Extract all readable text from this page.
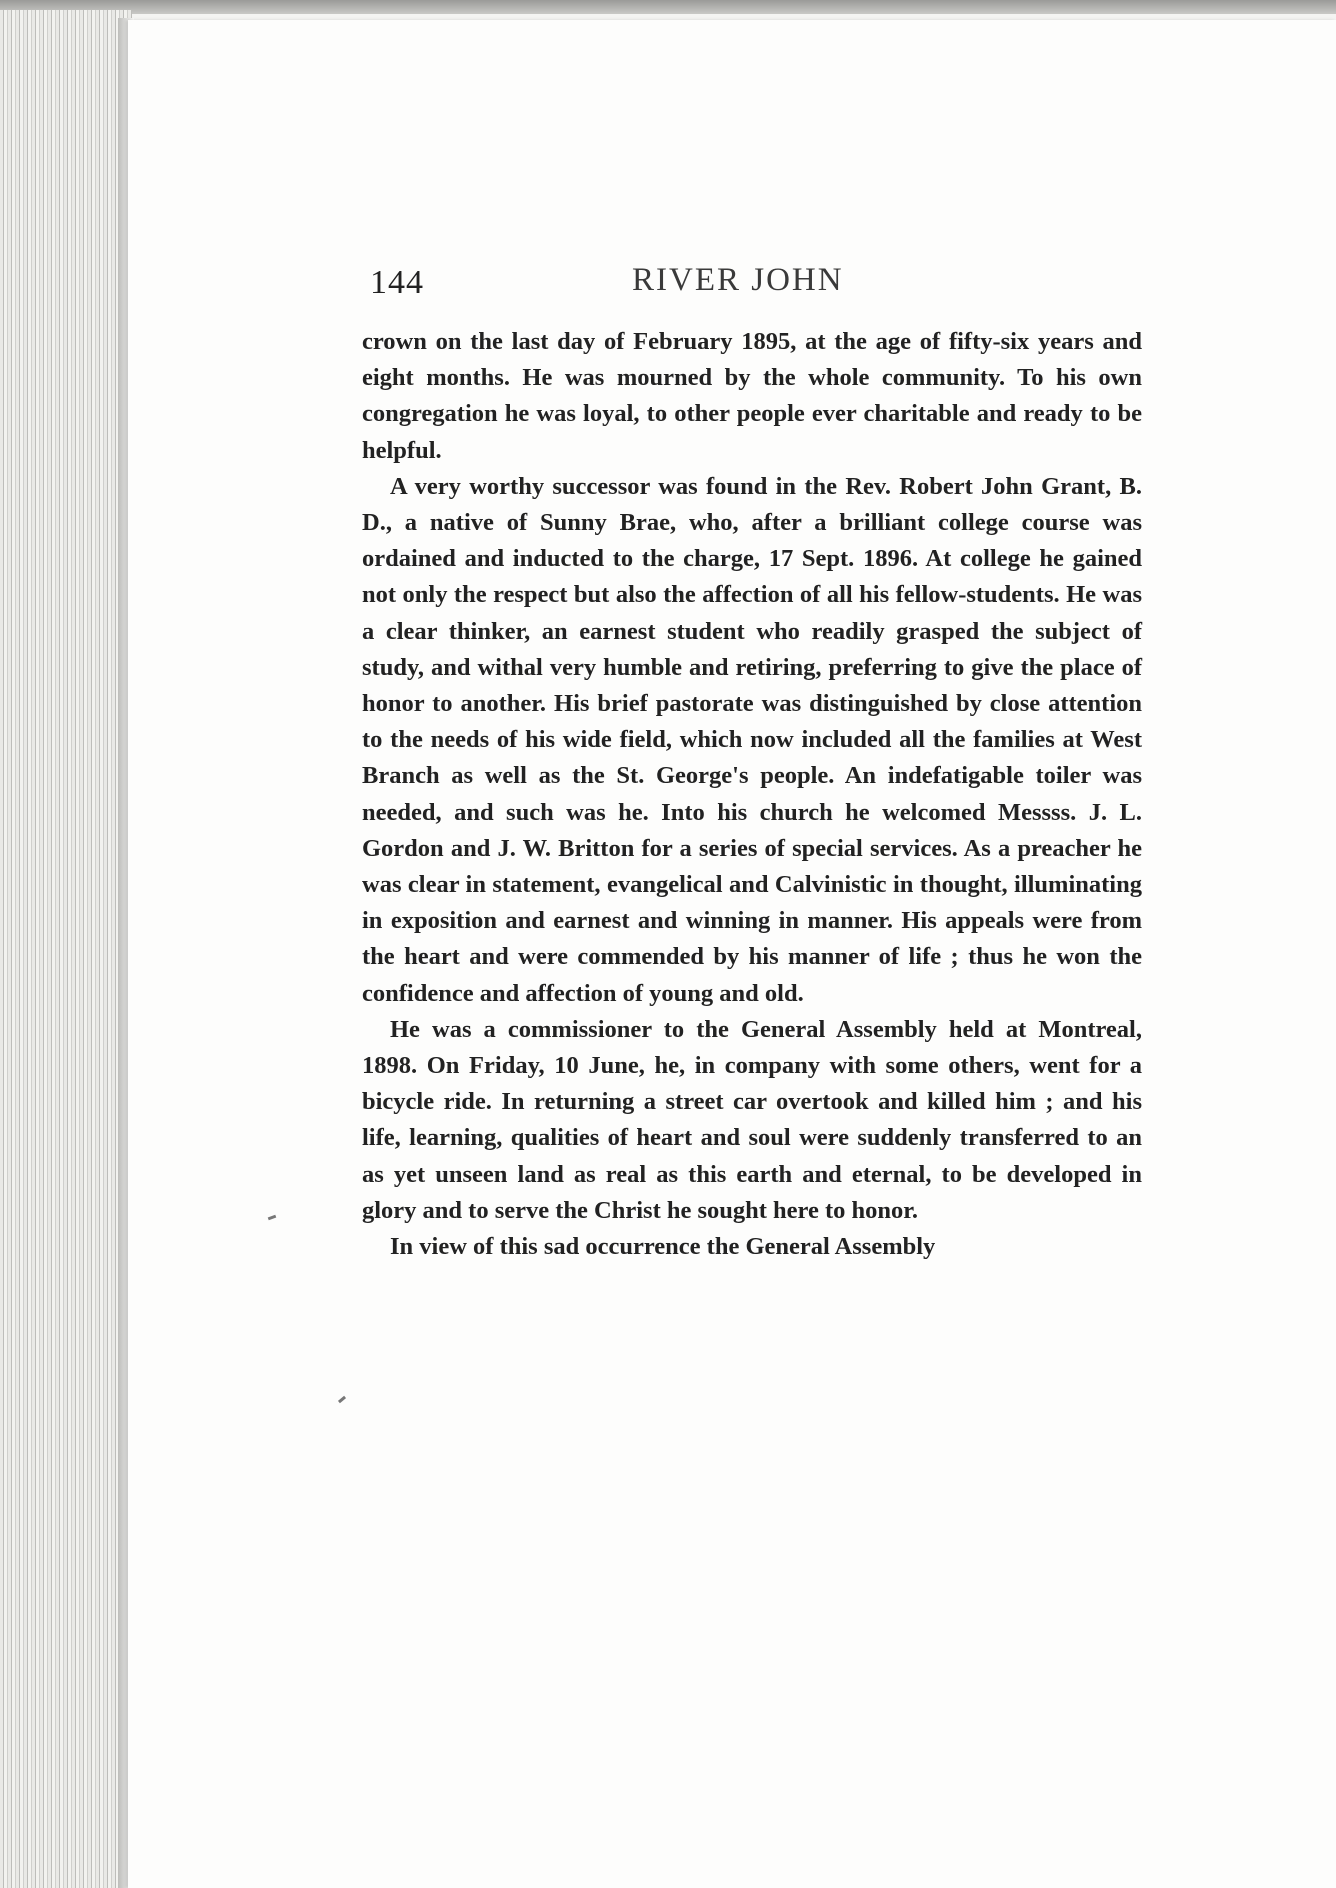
144	RIVER JOHN

crown on the last day of February 1895, at the age of fifty-six years and eight months. He was mourned by the whole community. To his own congregation he was loyal, to other people ever charitable and ready to be helpful.

A very worthy successor was found in the Rev. Robert John Grant, B. D., a native of Sunny Brae, who, after a brilliant college course was ordained and inducted to the charge, 17 Sept. 1896. At college he gained not only the respect but also the affection of all his fellow-students. He was a clear thinker, an earnest student who readily grasped the subject of study, and withal very humble and retiring, preferring to give the place of honor to another. His brief pastorate was distinguished by close attention to the needs of his wide field, which now included all the families at West Branch as well as the St. George's people. An indefatigable toiler was needed, and such was he. Into his church he welcomed Messss. J. L. Gordon and J. W. Britton for a series of special services. As a preacher he was clear in statement, evangelical and Calvinistic in thought, illuminating in exposition and earnest and winning in manner. His appeals were from the heart and were commended by his manner of life ; thus he won the confidence and affection of young and old.

He was a commissioner to the General Assembly held at Montreal, 1898. On Friday, 10 June, he, in company with some others, went for a bicycle ride. In returning a street car overtook and killed him ; and his life, learning, qualities of heart and soul were suddenly transferred to an as yet unseen land as real as this earth and eternal, to be developed in glory and to serve the Christ he sought here to honor.

In view of this sad occurrence the General Assembly
